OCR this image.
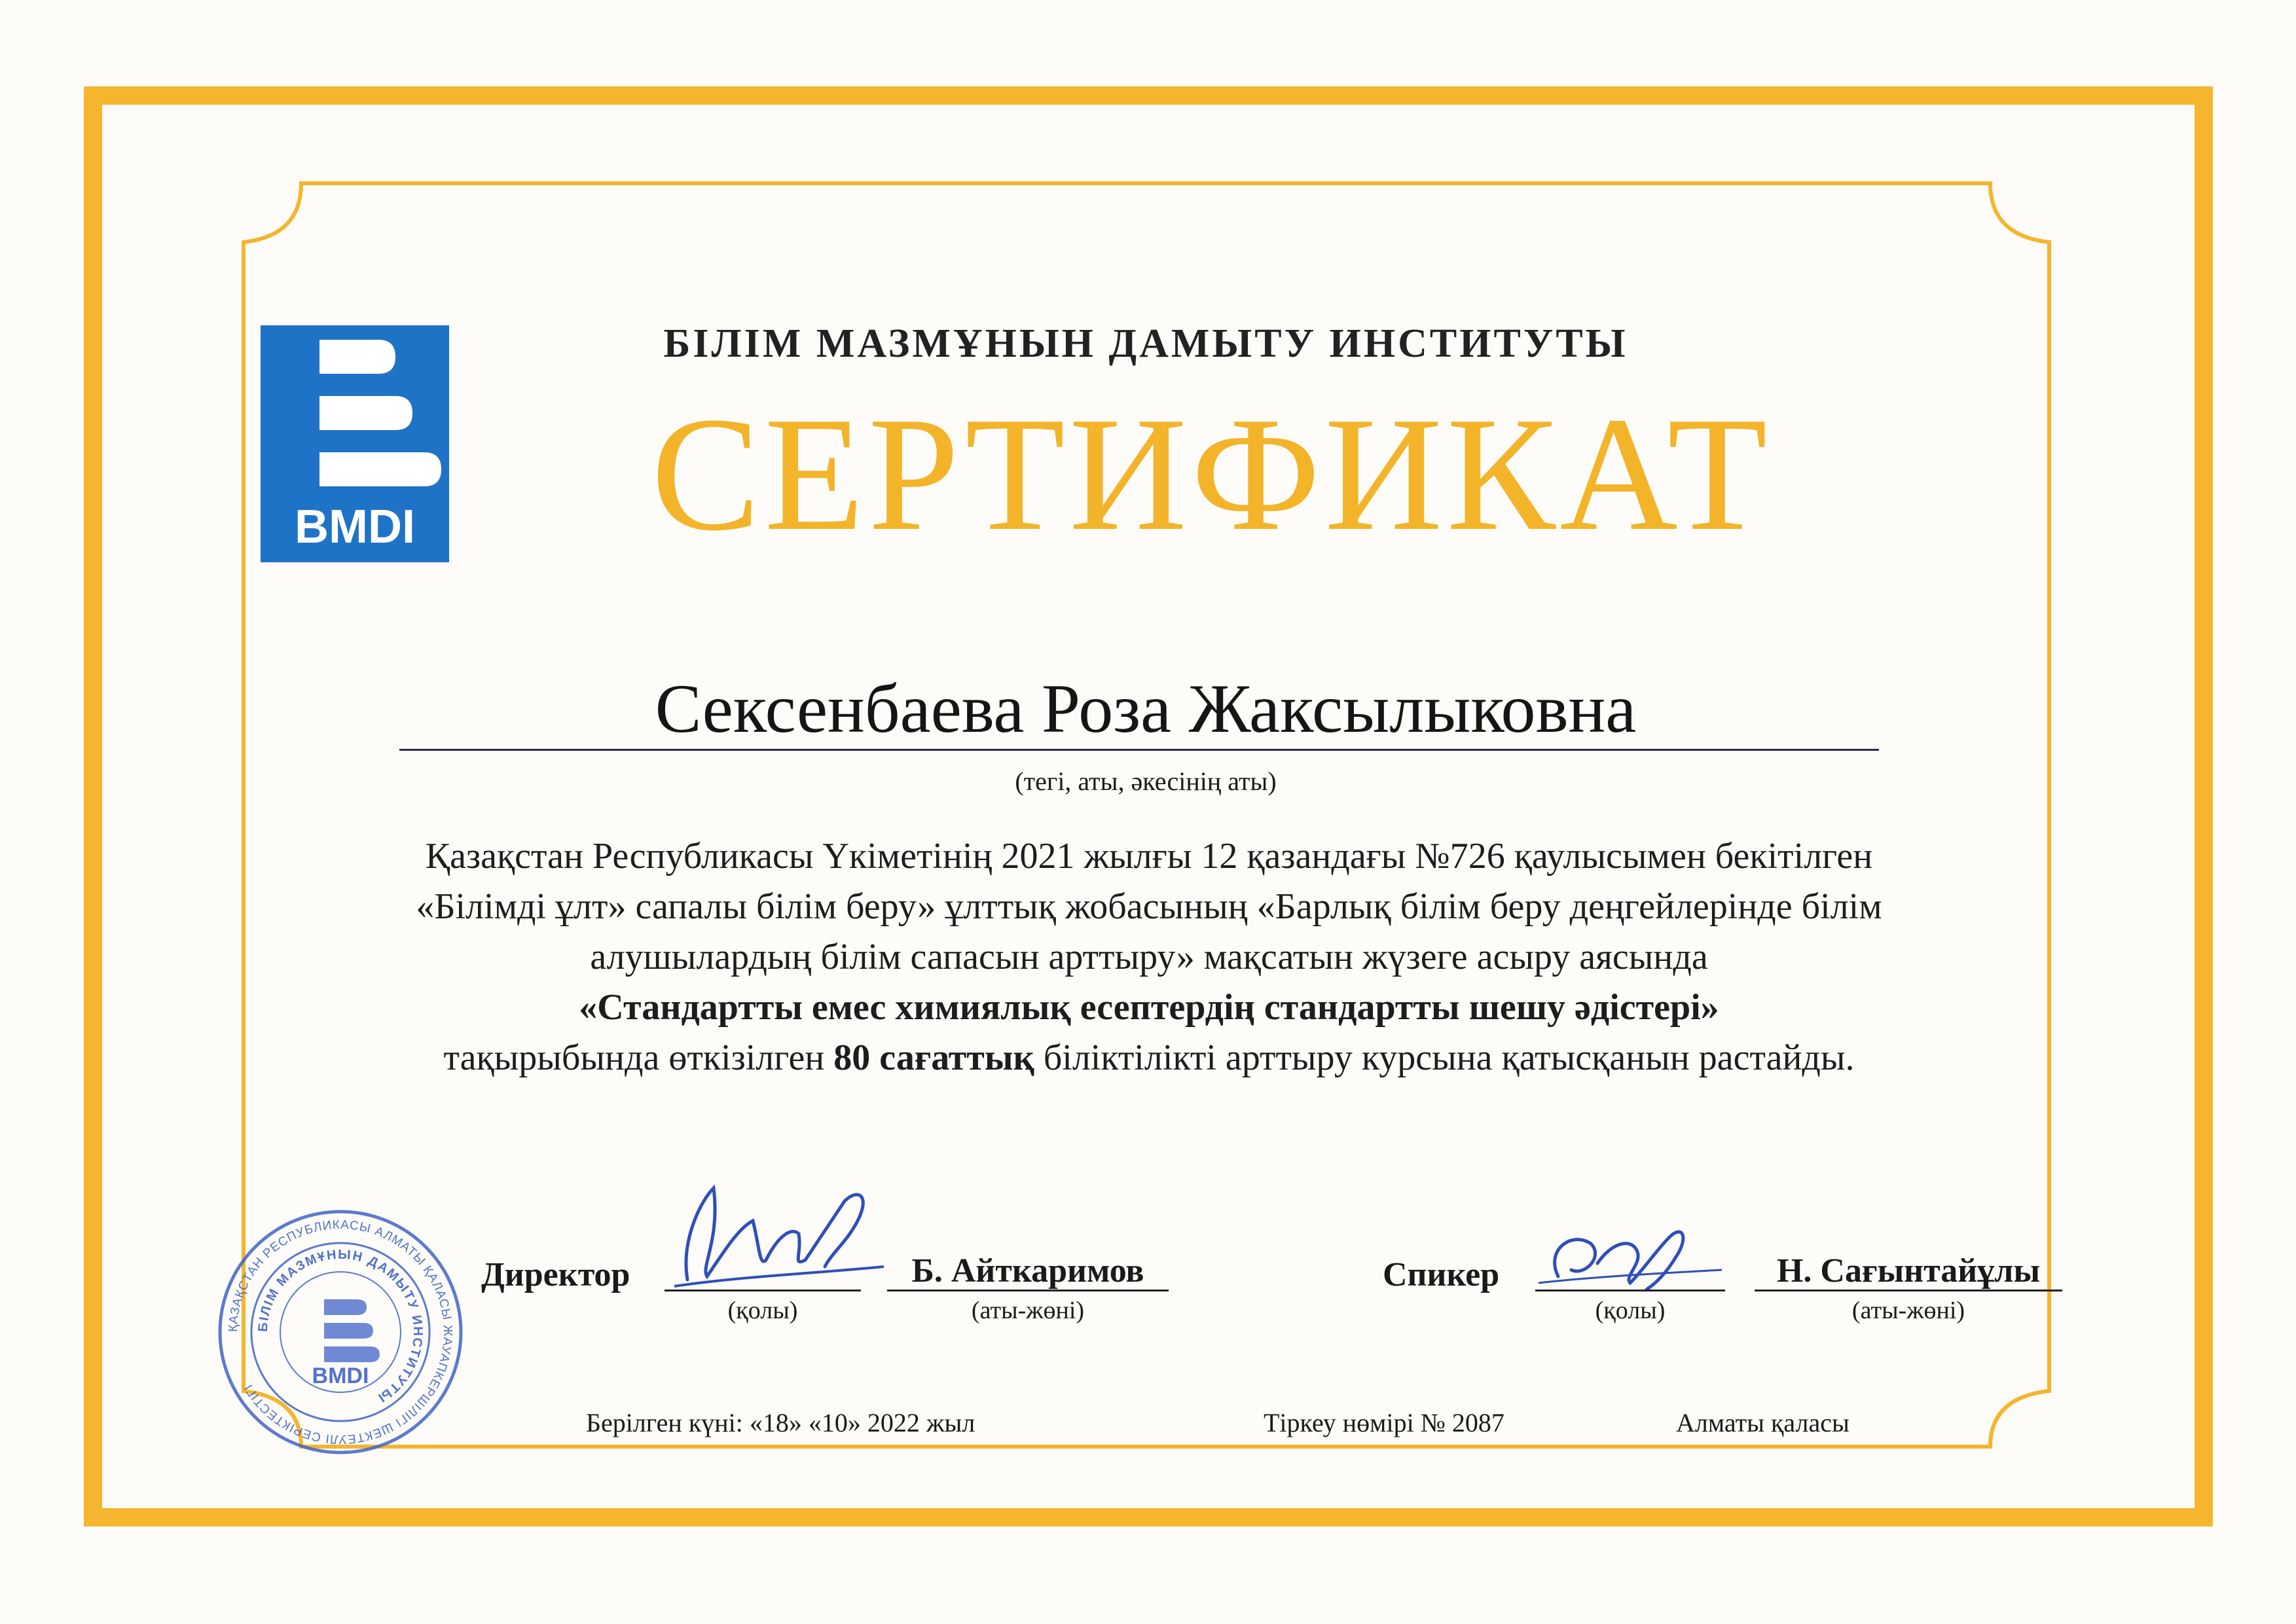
BMDI
БІЛІМ МАЗМҰНЫН ДАМЫТУ ИНСТИТУТЫ
СЕРТИФИКАТ
Сексенбаева Роза Жаксылыковна
(тегі, аты, әкесінің аты)
Қазақстан Республикасы Үкіметінің 2021 жылғы 12 қазандағы №726 қаулысымен бекітілген
«Білімді ұлт» сапалы білім беру» ұлттық жобасының «Барлық білім беру деңгейлерінде білім
алушылардың білім сапасын арттыру» мақсатын жүзеге асыру аясында
«Стандартты емес химиялық есептердің стандартты шешу әдістері»
тақырыбында өткізілген 80 сағаттық біліктілікті арттыру курсына қатысқанын растайды.
Директор
(қолы)
Б. Айткаримов
(аты-жөні)
Спикер
(қолы)
Н. Сағынтайұлы
(аты-жөні)
Берілген күні: «18» «10» 2022 жыл	Тіркеу нөмірі № 2087	Алматы қаласы
ҚАЗАҚСТАН РЕСПУБЛИКАСЫ АЛМАТЫ ҚАЛАСЫ ЖАУАПКЕРШІЛІГІ ШЕКТЕУЛІ СЕРІКТЕСТІГІ
БІЛІМ МАЗМҰНЫН ДАМЫТУ ИНСТИТУТЫ
BMDI
